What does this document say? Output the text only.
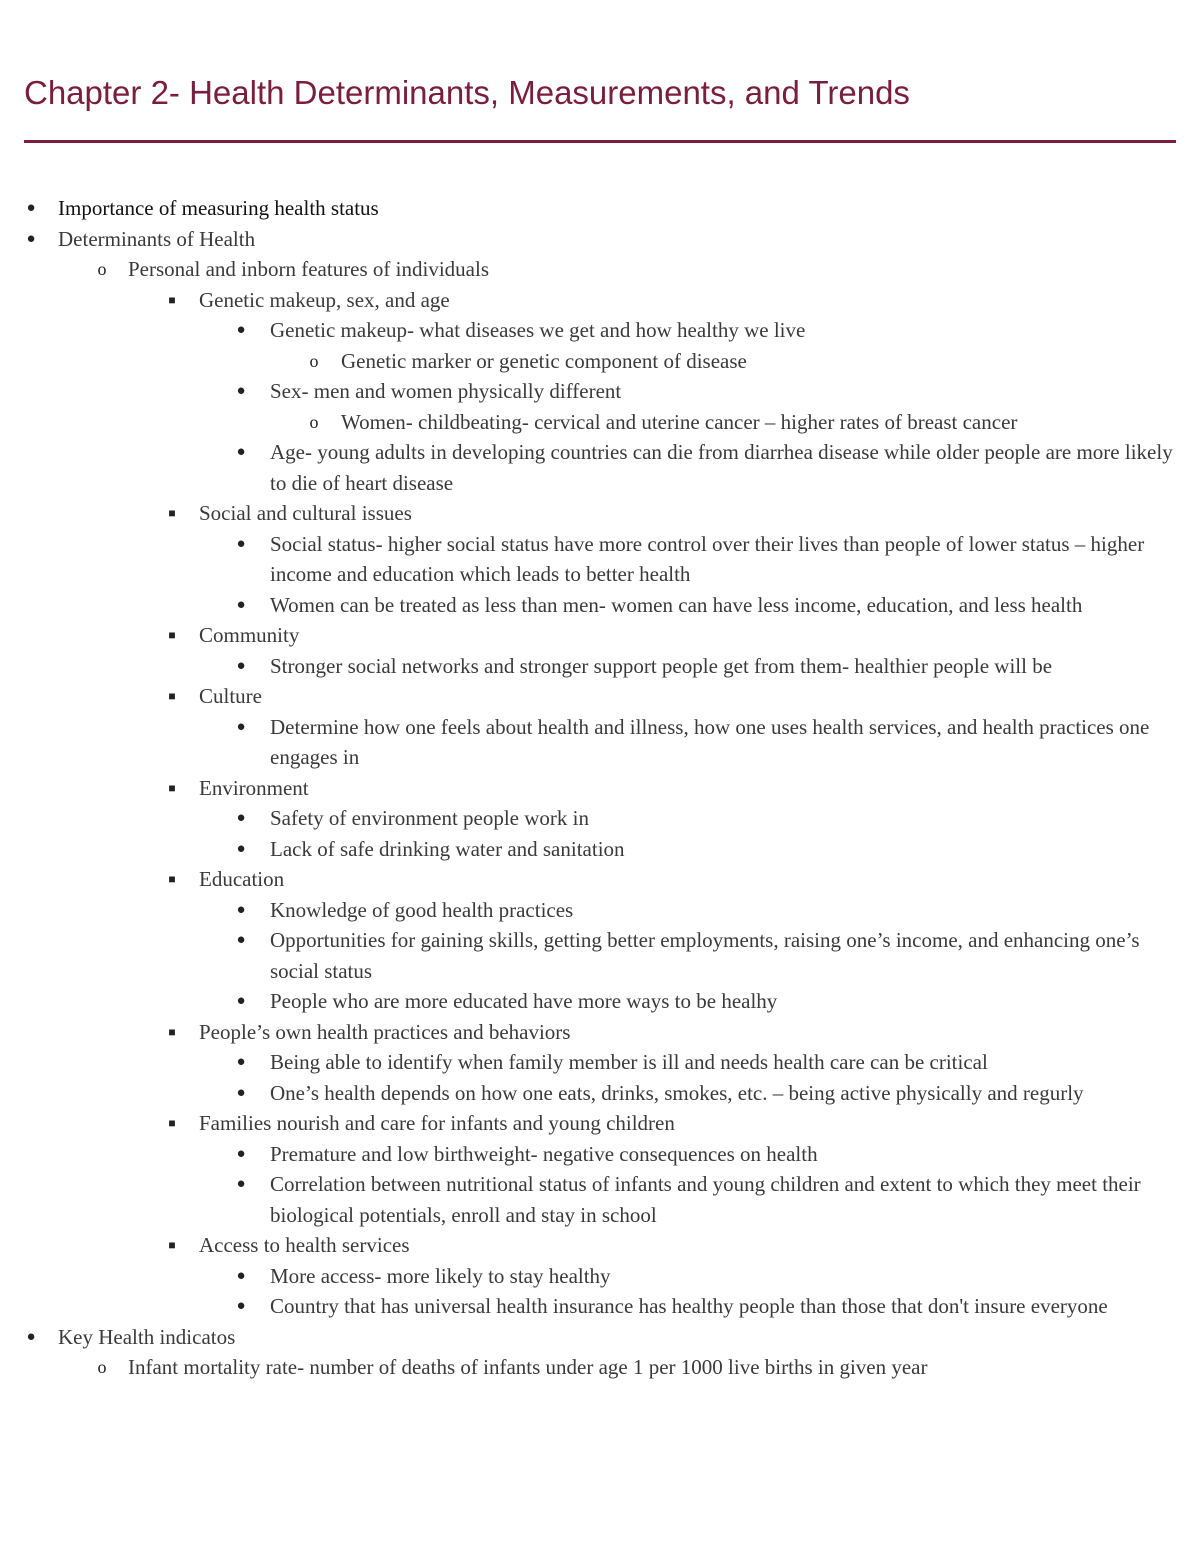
Chapter 2- Health Determinants, Measurements, and Trends
● Importance of measuring health status
● Determinants of Health
o Personal and inborn features of individuals
■ Genetic makeup, sex, and age
● Genetic makeup- what diseases we get and how healthy we live
o Genetic marker or genetic component of disease
● Sex- men and women physically different
o Women- childbeating- cervical and uterine cancer – higher rates of breast cancer
● Age- young adults in developing countries can die from diarrhea disease while older people are more likely to die of heart disease
■ Social and cultural issues
● Social status- higher social status have more control over their lives than people of lower status – higher income and education which leads to better health
● Women can be treated as less than men- women can have less income, education, and less health
■ Community
● Stronger social networks and stronger support people get from them- healthier people will be
■ Culture
● Determine how one feels about health and illness, how one uses health services, and health practices one engages in
■ Environment
● Safety of environment people work in
● Lack of safe drinking water and sanitation
■ Education
● Knowledge of good health practices
● Opportunities for gaining skills, getting better employments, raising one’s income, and enhancing one’s social status
● People who are more educated have more ways to be healhy
■ People’s own health practices and behaviors
● Being able to identify when family member is ill and needs health care can be critical
● One’s health depends on how one eats, drinks, smokes, etc. – being active physically and regurly
■ Families nourish and care for infants and young children
● Premature and low birthweight- negative consequences on health
● Correlation between nutritional status of infants and young children and extent to which they meet their biological potentials, enroll and stay in school
■ Access to health services
● More access- more likely to stay healthy
● Country that has universal health insurance has healthy people than those that don't insure everyone
● Key Health indicatos
o Infant mortality rate- number of deaths of infants under age 1 per 1000 live births in given year
